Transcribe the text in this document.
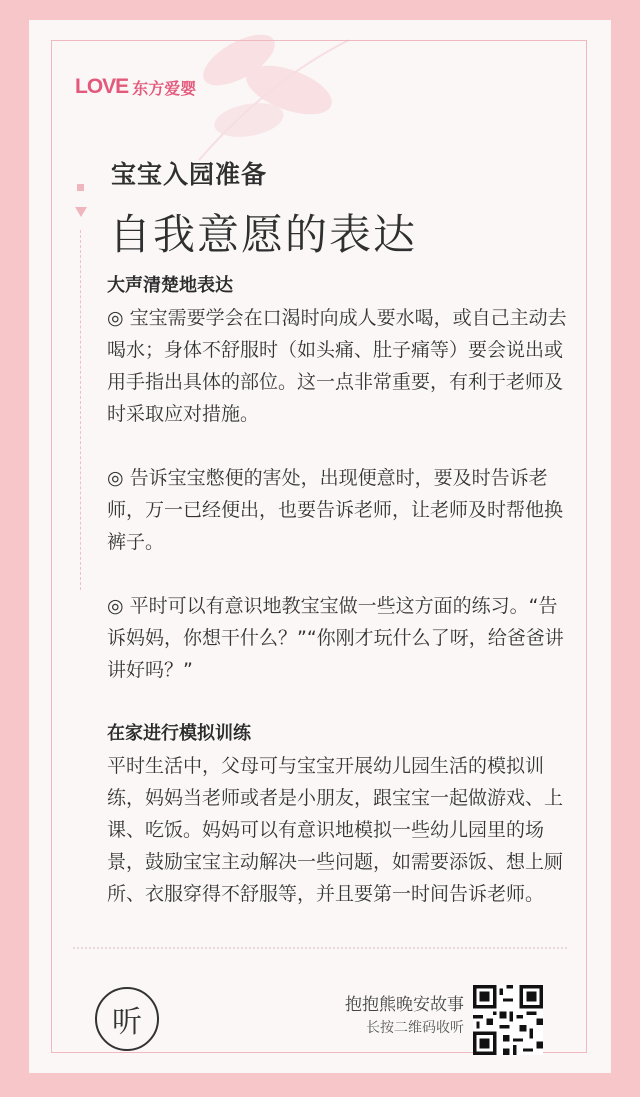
LOVE 东方爱婴
宝宝入园准备
自我意愿的表达
大声清楚地表达

◎ 宝宝需要学会在口渴时向成人要水喝，或自己主动去喝水；身体不舒服时（如头痛、肚子痛等）要会说出或用手指出具体的部位。这一点非常重要，有利于老师及时采取应对措施。

◎ 告诉宝宝憋便的害处，出现便意时，要及时告诉老师，万一已经便出，也要告诉老师，让老师及时帮他换裤子。

◎ 平时可以有意识地教宝宝做一些这方面的练习。“告诉妈妈，你想干什么？”“你刚才玩什么了呀，给爸爸讲讲好吗？”

在家进行模拟训练

平时生活中，父母可与宝宝开展幼儿园生活的模拟训练，妈妈当老师或者是小朋友，跟宝宝一起做游戏、上课、吃饭。妈妈可以有意识地模拟一些幼儿园里的场景，鼓励宝宝主动解决一些问题，如需要添饭、想上厕所、衣服穿得不舒服等，并且要第一时间告诉老师。

听	抱抱熊晚安故事
长按二维码收听
